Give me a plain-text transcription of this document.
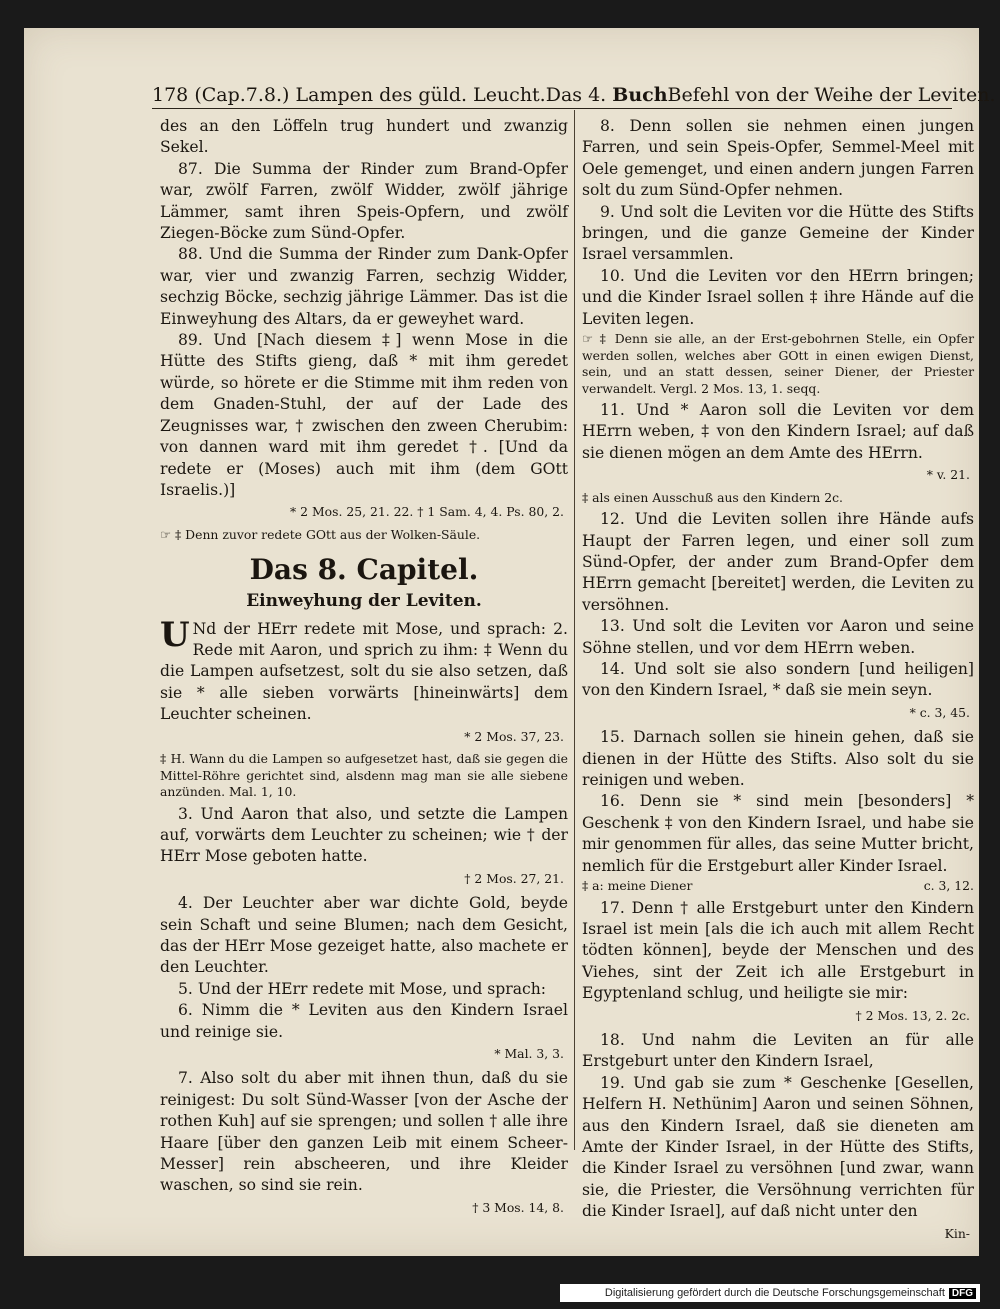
178 (Cap.7.8.) Lampen des güld. Leucht. Das 4. Buch Befehl von der Weihe der Leviten.

des an den Löffeln trug hundert und zwanzig Sekel.

87. Die Summa der Rinder zum Brand-Opfer war, zwölf Farren, zwölf Widder, zwölf jährige Lämmer, samt ihren Speis-Opfern, und zwölf Ziegen-Böcke zum Sünd-Opfer.

88. Und die Summa der Rinder zum Dank-Opfer war, vier und zwanzig Farren, sechzig Widder, sechzig Böcke, sechzig jährige Lämmer. Das ist die Einweyhung des Altars, da er geweyhet ward.

89. Und [Nach diesem ‡] wenn Mose in die Hütte des Stifts gieng, daß * mit ihm geredet würde, so hörete er die Stimme mit ihm reden von dem Gnaden-Stuhl, der auf der Lade des Zeugnisses war, † zwischen den zween Cherubim: von dannen ward mit ihm geredet †. [Und da redete er (Moses) auch mit ihm (dem GOtt Israelis.)]

* 2 Mos. 25, 21. 22. † 1 Sam. 4, 4. Ps. 80, 2.

☞ ‡ Denn zuvor redete GOtt aus der Wolken-Säule.

Das 8. Capitel.

Einweyhung der Leviten.

U Nd der HErr redete mit Mose, und sprach: 2. Rede mit Aaron, und sprich zu ihm: ‡ Wenn du die Lampen aufsetzest, solt du sie also setzen, daß sie * alle sieben vorwärts [hineinwärts] dem Leuchter scheinen.

* 2 Mos. 37, 23.

‡ H. Wann du die Lampen so aufgesetzet hast, daß sie gegen die Mittel-Röhre gerichtet sind, alsdenn mag man sie alle siebene anzünden. Mal. 1, 10.

3. Und Aaron that also, und setzte die Lampen auf, vorwärts dem Leuchter zu scheinen; wie † der HErr Mose geboten hatte.

† 2 Mos. 27, 21.

4. Der Leuchter aber war dichte Gold, beyde sein Schaft und seine Blumen; nach dem Gesicht, das der HErr Mose gezeiget hatte, also machete er den Leuchter.

5. Und der HErr redete mit Mose, und sprach:

6. Nimm die * Leviten aus den Kindern Israel und reinige sie.

* Mal. 3, 3.

7. Also solt du aber mit ihnen thun, daß du sie reinigest: Du solt Sünd-Wasser [von der Asche der rothen Kuh] auf sie sprengen; und sollen † alle ihre Haare [über den ganzen Leib mit einem Scheer-Messer] rein abscheeren, und ihre Kleider waschen, so sind sie rein.

† 3 Mos. 14, 8.

8. Denn sollen sie nehmen einen jungen Farren, und sein Speis-Opfer, Semmel-Meel mit Oele gemenget, und einen andern jungen Farren solt du zum Sünd-Opfer nehmen.

9. Und solt die Leviten vor die Hütte des Stifts bringen, und die ganze Gemeine der Kinder Israel versammlen.

10. Und die Leviten vor den HErrn bringen; und die Kinder Israel sollen ‡ ihre Hände auf die Leviten legen.

☞ ‡ Denn sie alle, an der Erst-gebohrnen Stelle, ein Opfer werden sollen, welches aber GOtt in einen ewigen Dienst, sein, und an statt dessen, seiner Diener, der Priester verwandelt. Vergl. 2 Mos. 13, 1. seqq.

11. Und * Aaron soll die Leviten vor dem HErrn weben, ‡ von den Kindern Israel; auf daß sie dienen mögen an dem Amte des HErrn.

* v. 21.

‡ als einen Ausschuß aus den Kindern 2c.

12. Und die Leviten sollen ihre Hände aufs Haupt der Farren legen, und einer soll zum Sünd-Opfer, der ander zum Brand-Opfer dem HErrn gemacht [bereitet] werden, die Leviten zu versöhnen.

13. Und solt die Leviten vor Aaron und seine Söhne stellen, und vor dem HErrn weben.

14. Und solt sie also sondern [und heiligen] von den Kindern Israel, * daß sie mein seyn.

* c. 3, 45.

15. Darnach sollen sie hinein gehen, daß sie dienen in der Hütte des Stifts. Also solt du sie reinigen und weben.

16. Denn sie * sind mein [besonders] * Geschenk ‡ von den Kindern Israel, und habe sie mir genommen für alles, das seine Mutter bricht, nemlich für die Erstgeburt aller Kinder Israel.

‡ a: meine Diener	c. 3, 12.

17. Denn † alle Erstgeburt unter den Kindern Israel ist mein [als die ich auch mit allem Recht tödten können], beyde der Menschen und des Viehes, sint der Zeit ich alle Erstgeburt in Egyptenland schlug, und heiligte sie mir:

† 2 Mos. 13, 2. 2c.

18. Und nahm die Leviten an für alle Erstgeburt unter den Kindern Israel,

19. Und gab sie zum * Geschenke [Gesellen, Helfern H. Nethünim] Aaron und seinen Söhnen, aus den Kindern Israel, daß sie dieneten am Amte der Kinder Israel, in der Hütte des Stifts, die Kinder Israel zu versöhnen [und zwar, wann sie, die Priester, die Versöhnung verrichten für die Kinder Israel], auf daß nicht unter den

Kin-

Digitalisierung gefördert durch die Deutsche Forschungsgemeinschaft DFG
